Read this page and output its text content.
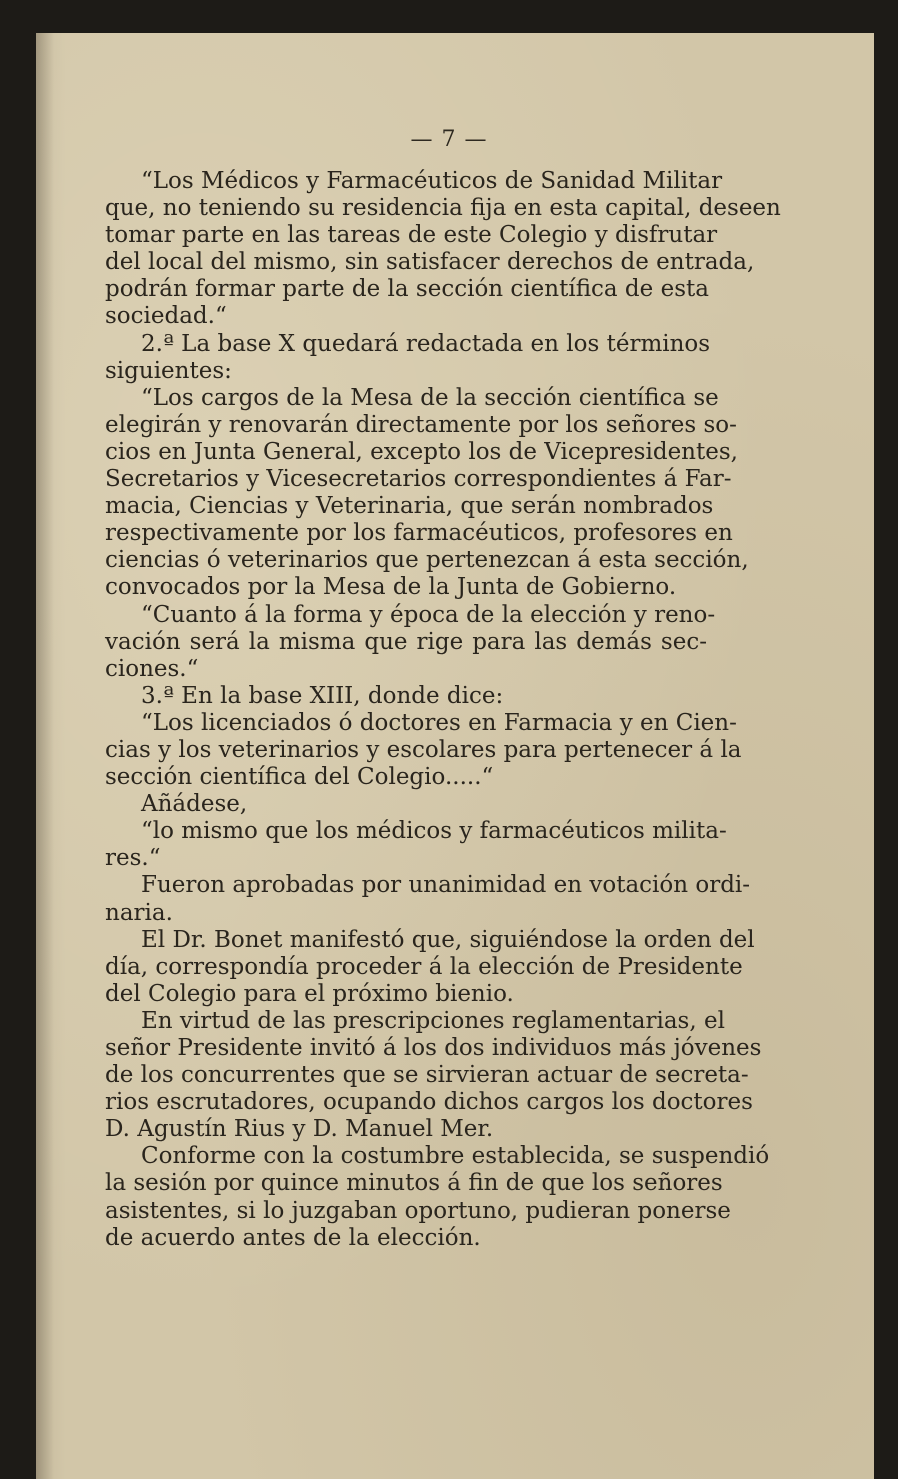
— 7 —
“Los Médicos y Farmacéuticos de Sanidad Militar
que, no teniendo su residencia fija en esta capital, deseen
tomar parte en las tareas de este Colegio y disfrutar
del local del mismo, sin satisfacer derechos de entrada,
podrán formar parte de la sección científica de esta
sociedad.“
2.ª La base X quedará redactada en los términos
siguientes:
“Los cargos de la Mesa de la sección científica se
elegirán y renovarán directamente por los señores so-
cios en Junta General, excepto los de Vicepresidentes,
Secretarios y Vicesecretarios correspondientes á Far-
macia, Ciencias y Veterinaria, que serán nombrados
respectivamente por los farmacéuticos, profesores en
ciencias ó veterinarios que pertenezcan á esta sección,
convocados por la Mesa de la Junta de Gobierno.
“Cuanto á la forma y época de la elección y reno-
vación será la misma que rige para las demás sec-
ciones.“
3.ª En la base XIII, donde dice:
“Los licenciados ó doctores en Farmacia y en Cien-
cias y los veterinarios y escolares para pertenecer á la
sección científica del Colegio.....“
Añádese,
“lo mismo que los médicos y farmacéuticos milita-
res.“
Fueron aprobadas por unanimidad en votación ordi-
naria.
El Dr. Bonet manifestó que, siguiéndose la orden del
día, correspondía proceder á la elección de Presidente
del Colegio para el próximo bienio.
En virtud de las prescripciones reglamentarias, el
señor Presidente invitó á los dos individuos más jóvenes
de los concurrentes que se sirvieran actuar de secreta-
rios escrutadores, ocupando dichos cargos los doctores
D. Agustín Rius y D. Manuel Mer.
Conforme con la costumbre establecida, se suspendió
la sesión por quince minutos á fin de que los señores
asistentes, si lo juzgaban oportuno, pudieran ponerse
de acuerdo antes de la elección.
